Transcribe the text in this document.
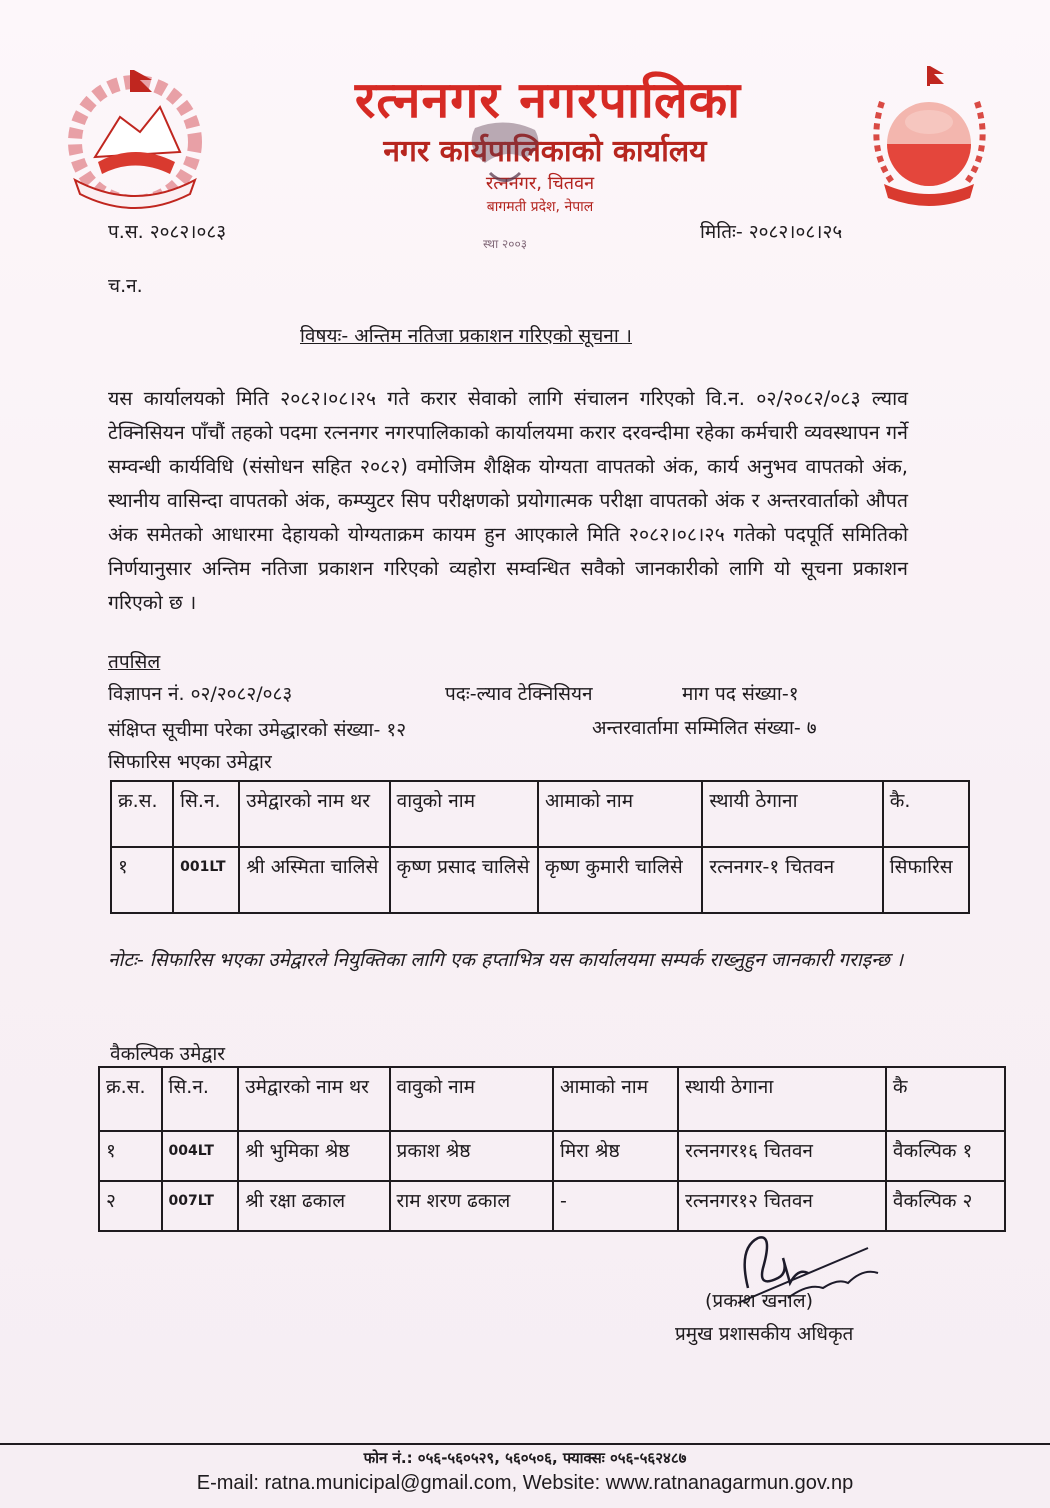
रत्ननगर नगरपालिका
नगर कार्यपालिकाको कार्यालय
रत्ननगर, चितवन
बागमती प्रदेश, नेपाल
स्था २००३
प.स. २०८२।०८३	मितिः- २०८२।०८।२५
च.न.
विषयः- अन्तिम नतिजा प्रकाशन गरिएको सूचना ।
यस कार्यालयको मिति २०८२।०८।२५ गते करार सेवाको लागि संचालन गरिएको वि.न. ०२/२०८२/०८३ ल्याव टेक्निसियन पाँचौं तहको पदमा रत्ननगर नगरपालिकाको कार्यालयमा करार दरवन्दीमा रहेका कर्मचारी व्यवस्थापन गर्ने सम्वन्धी कार्यविधि (संसोधन सहित २०८२) वमोजिम शैक्षिक योग्यता वापतको अंक, कार्य अनुभव वापतको अंक, स्थानीय वासिन्दा वापतको अंक, कम्प्युटर सिप परीक्षणको प्रयोगात्मक परीक्षा वापतको अंक र अन्तरवार्ताको औपत अंक समेतको आधारमा देहायको योग्यताक्रम कायम हुन आएकाले मिति २०८२।०८।२५ गतेको पदपूर्ति समितिको निर्णयानुसार अन्तिम नतिजा प्रकाशन गरिएको व्यहोरा सम्वन्धित सवैको जानकारीको लागि यो सूचना प्रकाशन गरिएको छ ।
तपसिल
विज्ञापन नं. ०२/२०८२/०८३	पदः-ल्याव टेक्निसियन	माग पद संख्या-१
संक्षिप्त सूचीमा परेका उमेद्धारको संख्या- १२	अन्तरवार्तामा सम्मिलित संख्या- ७
सिफारिस भएका उमेद्वार
क्र.स.	सि.न.	उमेद्वारको नाम थर	वावुको नाम	आमाको नाम	स्थायी ठेगाना	कै.
१	001LT	श्री अस्मिता चालिसे	कृष्ण प्रसाद चालिसे	कृष्ण कुमारी चालिसे	रत्ननगर-१ चितवन	सिफारिस
नोटः- सिफारिस भएका उमेद्वारले नियुक्तिका लागि एक हप्ताभित्र यस कार्यालयमा सम्पर्क राख्नुहुन जानकारी गराइन्छ ।
वैकल्पिक उमेद्वार
क्र.स.	सि.न.	उमेद्वारको नाम थर	वावुको नाम	आमाको नाम	स्थायी ठेगाना	कै
१	004LT	श्री भुमिका श्रेष्ठ	प्रकाश श्रेष्ठ	मिरा श्रेष्ठ	रत्ननगर१६ चितवन	वैकल्पिक १
२	007LT	श्री रक्षा ढकाल	राम शरण ढकाल	-	रत्ननगर१२ चितवन	वैकल्पिक २
(प्रकाश खनाल)
प्रमुख प्रशासकीय अधिकृत
फोन नं.: ०५६-५६०५२९, ५६०५०६, फ्याक्सः ०५६-५६२४८७
E-mail: ratna.municipal@gmail.com, Website: www.ratnanagarmun.gov.np
